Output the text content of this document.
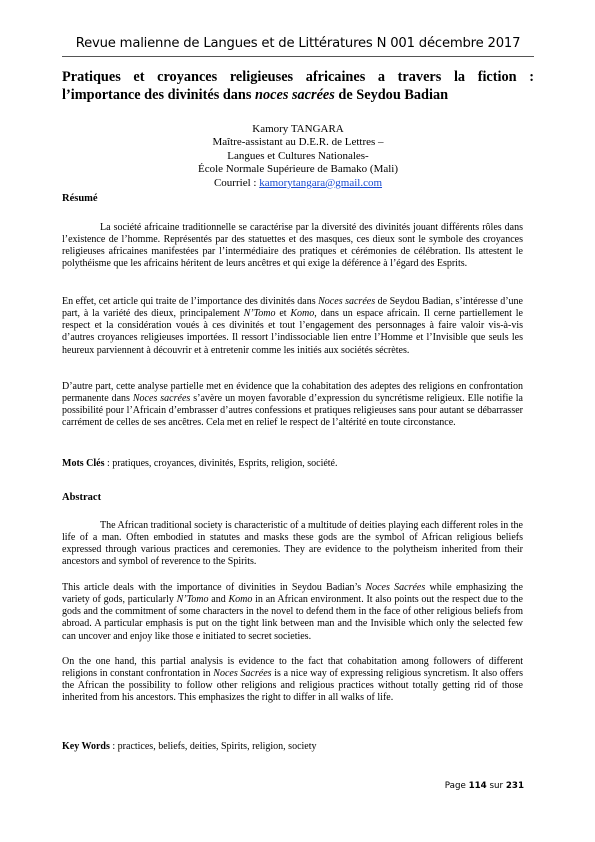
Revue malienne de Langues et de Littératures N 001 décembre 2017
Pratiques et croyances religieuses africaines a travers la fiction :
l’importance des divinités dans noces sacrées de Seydou Badian
Kamory TANGARA
Maître-assistant au D.E.R. de Lettres –
Langues et Cultures Nationales-
École Normale Supérieure de Bamako (Mali)
Courriel : kamorytangara@gmail.com
Résumé
La société africaine traditionnelle se caractérise par la diversité des divinités jouant différents rôles dans l’existence de l’homme. Représentés par des statuettes et des masques, ces dieux sont le symbole des croyances religieuses africaines manifestées par l’intermédiaire des pratiques et cérémonies de célébration. Ils attestent le polythéisme que les africains héritent de leurs ancêtres et qui exige la déférence à l’égard des Esprits.
En effet, cet article qui traite de l’importance des divinités dans Noces sacrées de Seydou Badian, s’intéresse d’une part, à la variété des dieux, principalement N’Tomo et Komo, dans un espace africain. Il cerne partiellement le respect et la considération voués à ces divinités et tout l’engagement des personnages à faire valoir vis-à-vis d’autres croyances religieuses importées. Il ressort l’indissociable lien entre l’Homme et l’Invisible que seuls les heureux parviennent à découvrir et à entretenir comme les initiés aux sociétés sécrètes.
D’autre part, cette analyse partielle met en évidence que la cohabitation des adeptes des religions en confrontation permanente dans Noces sacrées s’avère un moyen favorable d’expression du syncrétisme religieux. Elle notifie la possibilité pour l’Africain d’embrasser d’autres confessions et pratiques religieuses sans pour autant se débarrasser carrément de celles de ses ancêtres. Cela met en relief le respect de l’altérité en toute circonstance.
Mots Clés : pratiques, croyances, divinités, Esprits, religion, société.
Abstract
The African traditional society is characteristic of a multitude of deities playing each different roles in the life of a man. Often embodied in statutes and masks these gods are the symbol of African religious beliefs expressed through various practices and ceremonies. They are evidence to the polytheism inherited from their ancestors and symbol of reverence to the Spirits.
This article deals with the importance of divinities in Seydou Badian’s Noces Sacrées while emphasizing the variety of gods, particularly N’Tomo and Komo in an African environment. It also points out the respect due to the gods and the commitment of some characters in the novel to defend them in the face of other religious beliefs from abroad. A particular emphasis is put on the tight link between man and the Invisible which only the selected few can uncover and enjoy like those e initiated to secret societies.
On the one hand, this partial analysis is evidence to the fact that cohabitation among followers of different religions in constant confrontation in Noces Sacrées is a nice way of expressing religious syncretism. It also offers the African the possibility to follow other religions and religious practices without totally getting rid of those inherited from his ancestors. This emphasizes the right to differ in all walks of life.
Key Words : practices, beliefs, deities, Spirits, religion, society
Page 114 sur 231
